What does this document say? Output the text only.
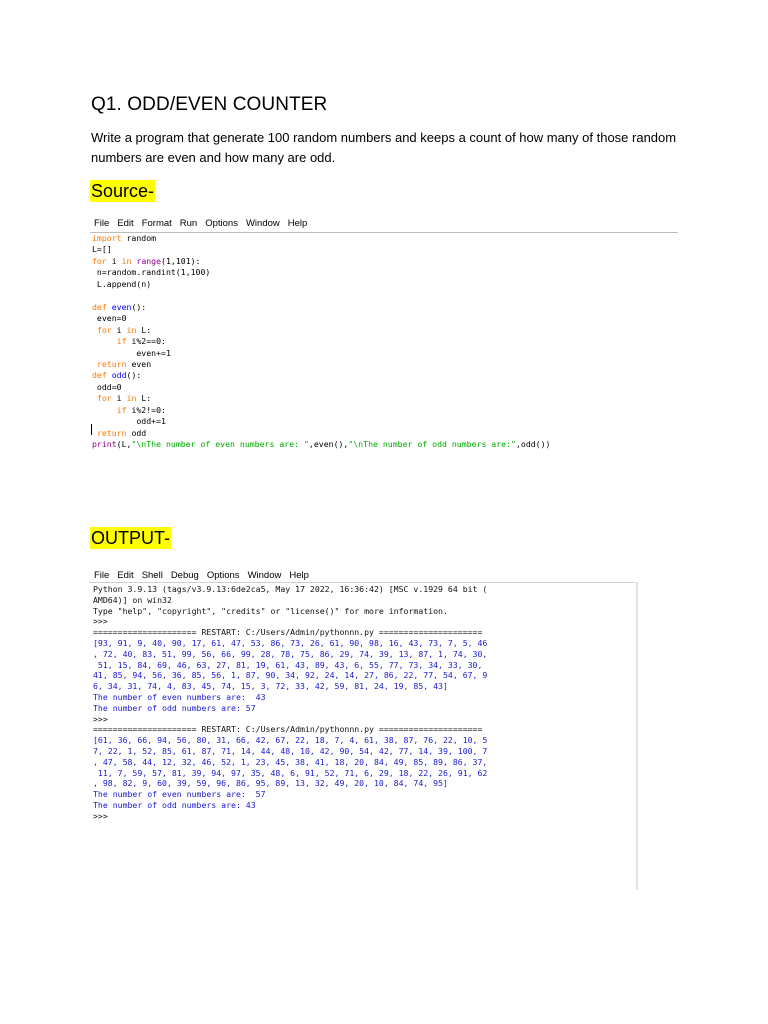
Q1. ODD/EVEN COUNTER
Write a program that generate 100 random numbers and keeps a count of how many of those random numbers are even and how many are odd.
Source-
File Edit Format Run Options Window Help
import random
L=[]
for i in range(1,101):
n=random.randint(1,100)
L.append(n)

def even():
even=0
for i in L:
if i%2==0:
even+=1
return even
def odd():
odd=0
for i in L:
if i%2!=0:
odd+=1
return odd
print(L,"\nThe number of even numbers are: ",even(),"\nThe number of odd numbers are:",odd())

OUTPUT-
File Edit Shell Debug Options Window Help
Python 3.9.13 (tags/v3.9.13:6de2ca5, May 17 2022, 16:36:42) [MSC v.1929 64 bit (
AMD64)] on win32
Type "help", "copyright", "credits" or "license()" for more information.
>>>
===================== RESTART: C:/Users/Admin/pythonnn.py =====================
[93, 91, 9, 40, 90, 17, 61, 47, 53, 86, 73, 26, 61, 90, 98, 16, 43, 73, 7, 5, 46
, 72, 40, 83, 51, 99, 56, 66, 99, 28, 78, 75, 86, 29, 74, 39, 13, 87, 1, 74, 30,
51, 15, 84, 69, 46, 63, 27, 81, 19, 61, 43, 89, 43, 6, 55, 77, 73, 34, 33, 30,
41, 85, 94, 56, 36, 85, 56, 1, 87, 90, 34, 92, 24, 14, 27, 86, 22, 77, 54, 67, 9
6, 34, 31, 74, 4, 83, 45, 74, 15, 3, 72, 33, 42, 59, 81, 24, 19, 85, 43]
The number of even numbers are:  43
The number of odd numbers are: 57
>>>
===================== RESTART: C:/Users/Admin/pythonnn.py =====================
[61, 36, 66, 94, 56, 80, 31, 66, 42, 67, 22, 18, 7, 4, 61, 38, 87, 76, 22, 10, 5
7, 22, 1, 52, 85, 61, 87, 71, 14, 44, 48, 10, 42, 90, 54, 42, 77, 14, 39, 100, 7
, 47, 58, 44, 12, 32, 46, 52, 1, 23, 45, 38, 41, 18, 20, 84, 49, 85, 89, 86, 37,
11, 7, 59, 57, 81, 39, 94, 97, 35, 48, 6, 91, 52, 71, 6, 29, 18, 22, 26, 91, 62
, 98, 82, 9, 60, 39, 59, 96, 86, 95, 89, 13, 32, 49, 20, 10, 84, 74, 95]
The number of even numbers are:  57
The number of odd numbers are: 43
>>>
